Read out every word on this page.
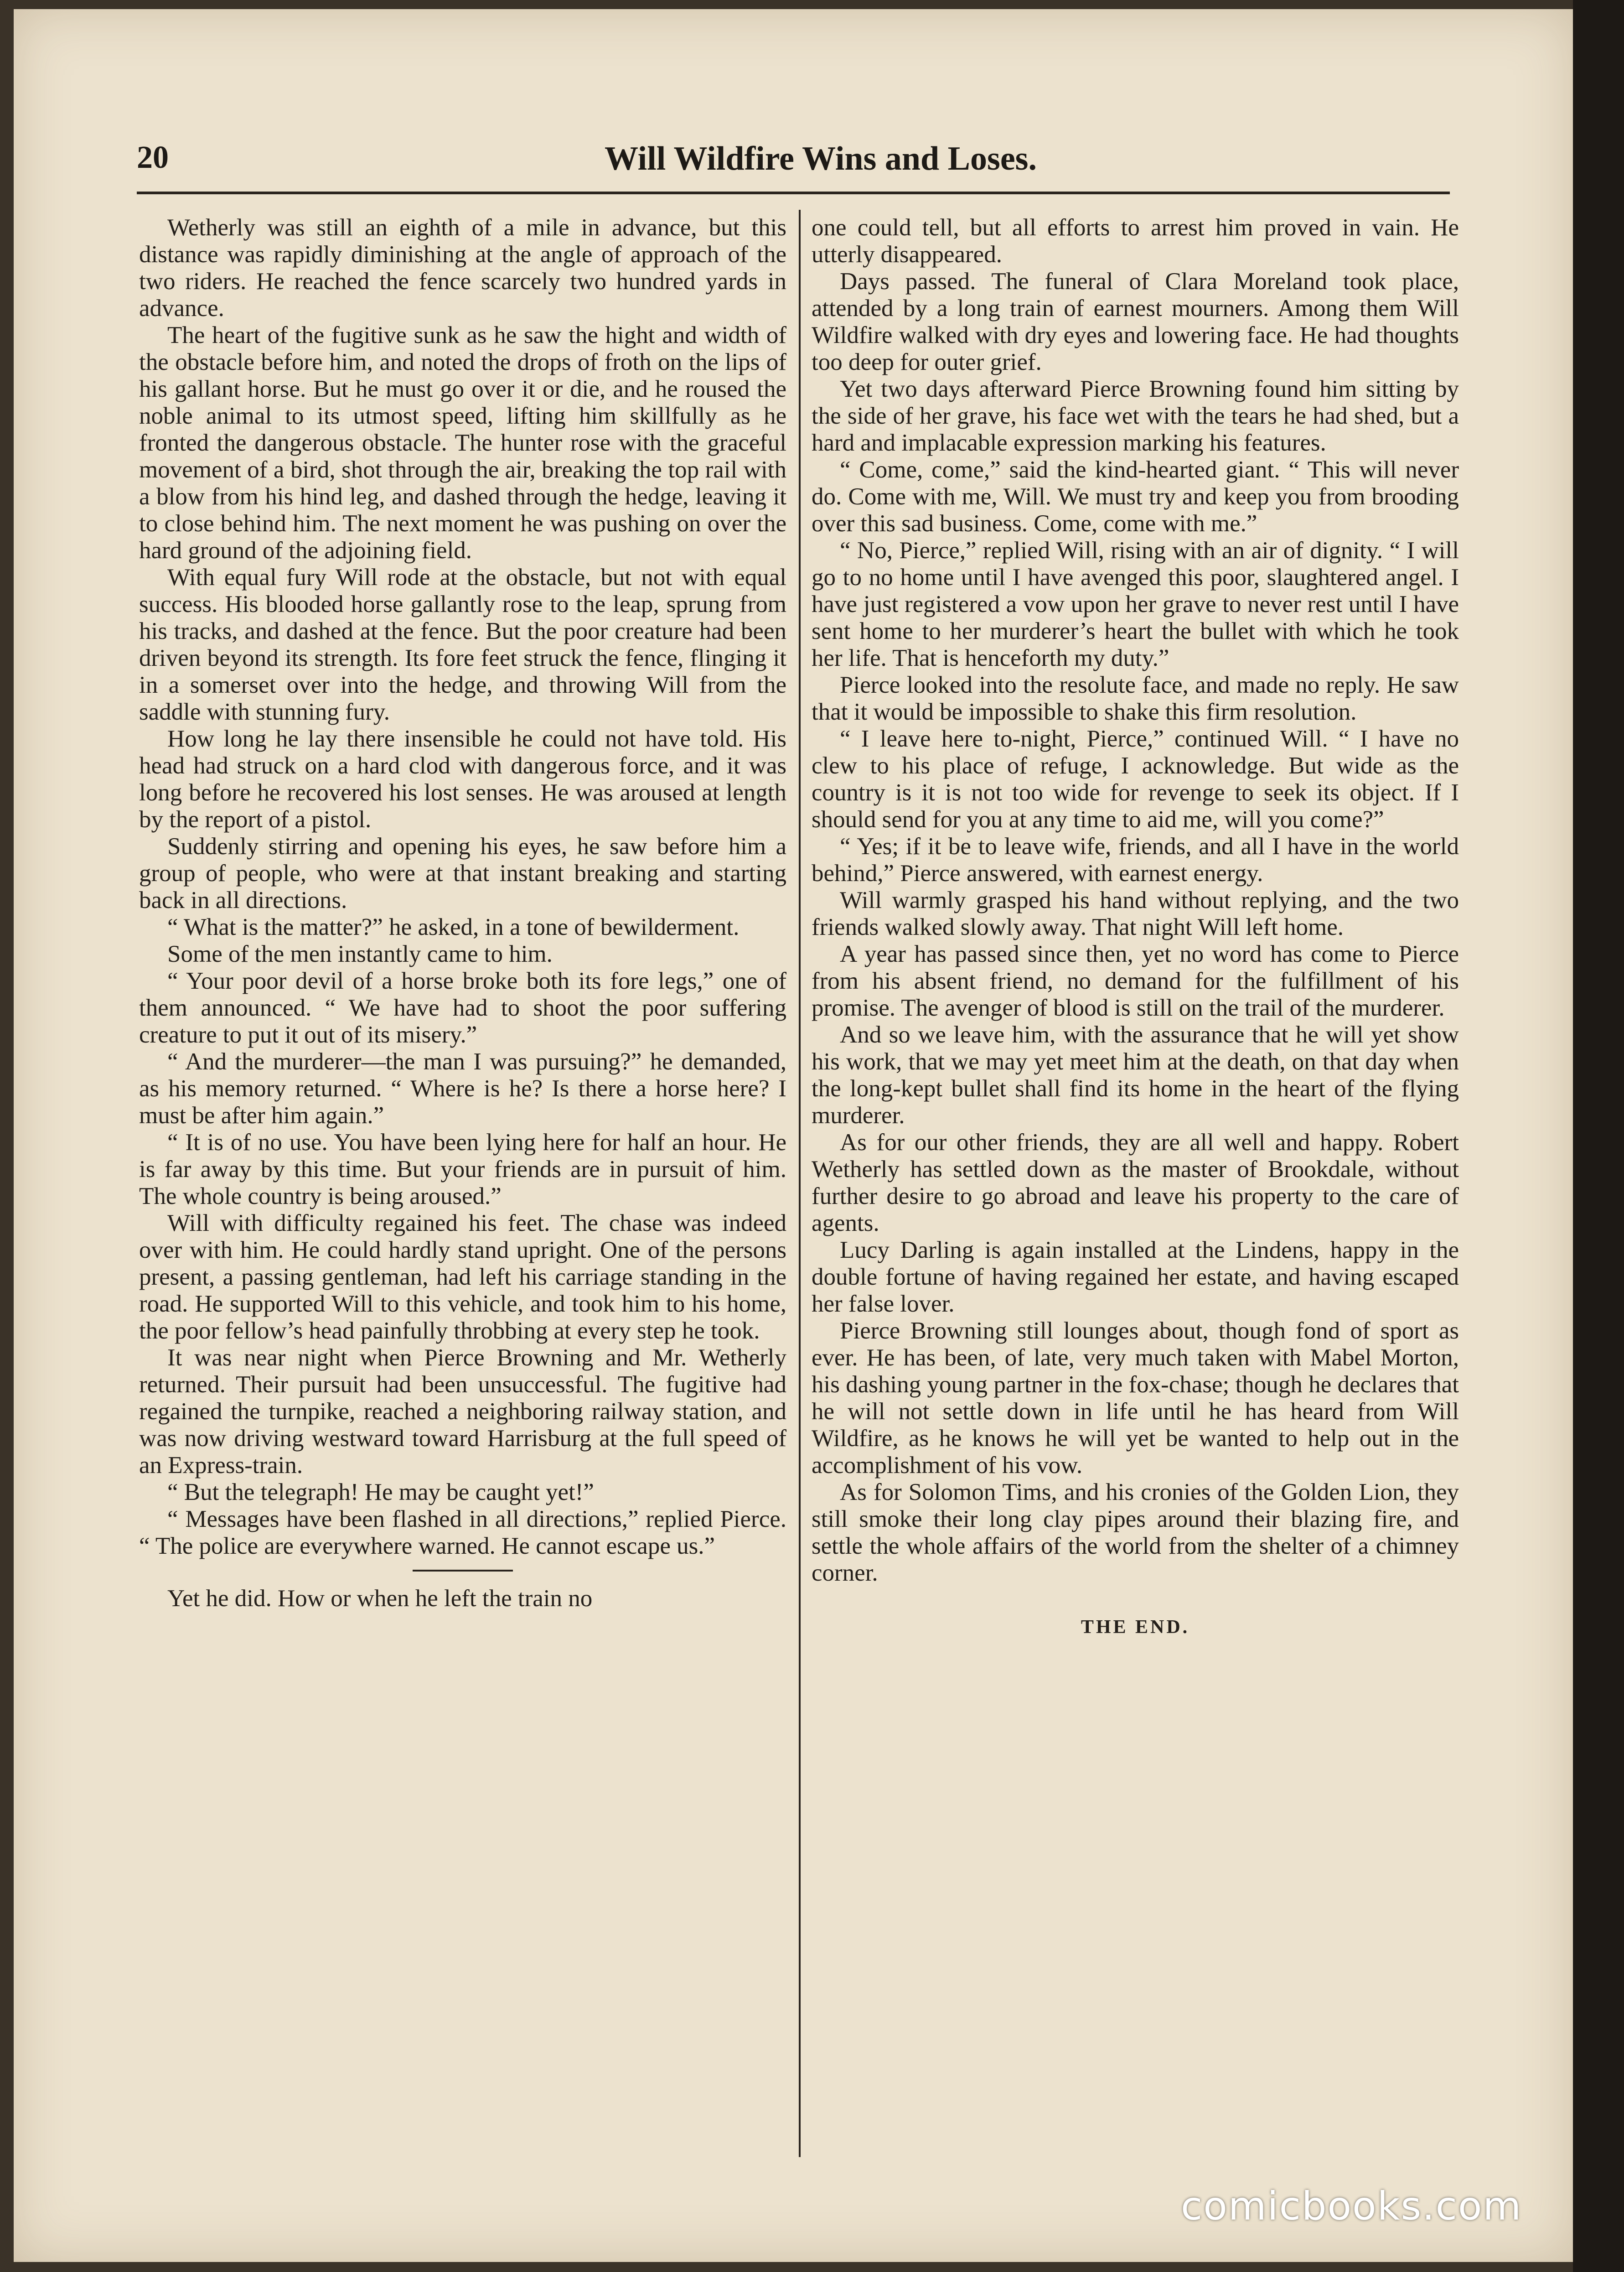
20	Will Wildfire Wins and Loses.

Wetherly was still an eighth of a mile in advance, but this distance was rapidly diminishing at the angle of approach of the two riders. He reached the fence scarcely two hundred yards in advance.

The heart of the fugitive sunk as he saw the hight and width of the obstacle before him, and noted the drops of froth on the lips of his gallant horse. But he must go over it or die, and he roused the noble animal to its utmost speed, lifting him skillfully as he fronted the dangerous obstacle. The hunter rose with the graceful movement of a bird, shot through the air, breaking the top rail with a blow from his hind leg, and dashed through the hedge, leaving it to close behind him. The next moment he was pushing on over the hard ground of the adjoining field.

With equal fury Will rode at the obstacle, but not with equal success. His blooded horse gallantly rose to the leap, sprung from his tracks, and dashed at the fence. But the poor creature had been driven beyond its strength. Its fore feet struck the fence, flinging it in a somerset over into the hedge, and throwing Will from the saddle with stunning fury.

How long he lay there insensible he could not have told. His head had struck on a hard clod with dangerous force, and it was long before he recovered his lost senses. He was aroused at length by the report of a pistol.

Suddenly stirring and opening his eyes, he saw before him a group of people, who were at that instant breaking and starting back in all directions.

“ What is the matter?” he asked, in a tone of bewilderment.

Some of the men instantly came to him.

“ Your poor devil of a horse broke both its fore legs,” one of them announced. “ We have had to shoot the poor suffering creature to put it out of its misery.”

“ And the murderer—the man I was pursuing?” he demanded, as his memory returned. “ Where is he? Is there a horse here? I must be after him again.”

“ It is of no use. You have been lying here for half an hour. He is far away by this time. But your friends are in pursuit of him. The whole country is being aroused.”

Will with difficulty regained his feet. The chase was indeed over with him. He could hardly stand upright. One of the persons present, a passing gentleman, had left his carriage standing in the road. He supported Will to this vehicle, and took him to his home, the poor fellow’s head painfully throbbing at every step he took.

It was near night when Pierce Browning and Mr. Wetherly returned. Their pursuit had been unsuccessful. The fugitive had regained the turnpike, reached a neighboring railway station, and was now driving westward toward Harrisburg at the full speed of an Express-train.

“ But the telegraph! He may be caught yet!”

“ Messages have been flashed in all directions,” replied Pierce. “ The police are everywhere warned. He cannot escape us.”

Yet he did. How or when he left the train no

one could tell, but all efforts to arrest him proved in vain. He utterly disappeared.

Days passed. The funeral of Clara Moreland took place, attended by a long train of earnest mourners. Among them Will Wildfire walked with dry eyes and lowering face. He had thoughts too deep for outer grief.

Yet two days afterward Pierce Browning found him sitting by the side of her grave, his face wet with the tears he had shed, but a hard and implacable expression marking his features.

“ Come, come,” said the kind-hearted giant. “ This will never do. Come with me, Will. We must try and keep you from brooding over this sad business. Come, come with me.”

“ No, Pierce,” replied Will, rising with an air of dignity. “ I will go to no home until I have avenged this poor, slaughtered angel. I have just registered a vow upon her grave to never rest until I have sent home to her murderer’s heart the bullet with which he took her life. That is henceforth my duty.”

Pierce looked into the resolute face, and made no reply. He saw that it would be impossible to shake this firm resolution.

“ I leave here to-night, Pierce,” continued Will. “ I have no clew to his place of refuge, I acknowledge. But wide as the country is it is not too wide for revenge to seek its object. If I should send for you at any time to aid me, will you come?”

“ Yes; if it be to leave wife, friends, and all I have in the world behind,” Pierce answered, with earnest energy.

Will warmly grasped his hand without replying, and the two friends walked slowly away. That night Will left home.

A year has passed since then, yet no word has come to Pierce from his absent friend, no demand for the fulfillment of his promise. The avenger of blood is still on the trail of the murderer.

And so we leave him, with the assurance that he will yet show his work, that we may yet meet him at the death, on that day when the long-kept bullet shall find its home in the heart of the flying murderer.

As for our other friends, they are all well and happy. Robert Wetherly has settled down as the master of Brookdale, without further desire to go abroad and leave his property to the care of agents.

Lucy Darling is again installed at the Lindens, happy in the double fortune of having regained her estate, and having escaped her false lover.

Pierce Browning still lounges about, though fond of sport as ever. He has been, of late, very much taken with Mabel Morton, his dashing young partner in the fox-chase; though he declares that he will not settle down in life until he has heard from Will Wildfire, as he knows he will yet be wanted to help out in the accomplishment of his vow.

As for Solomon Tims, and his cronies of the Golden Lion, they still smoke their long clay pipes around their blazing fire, and settle the whole affairs of the world from the shelter of a chimney corner.

THE END.
comicbooks.com
